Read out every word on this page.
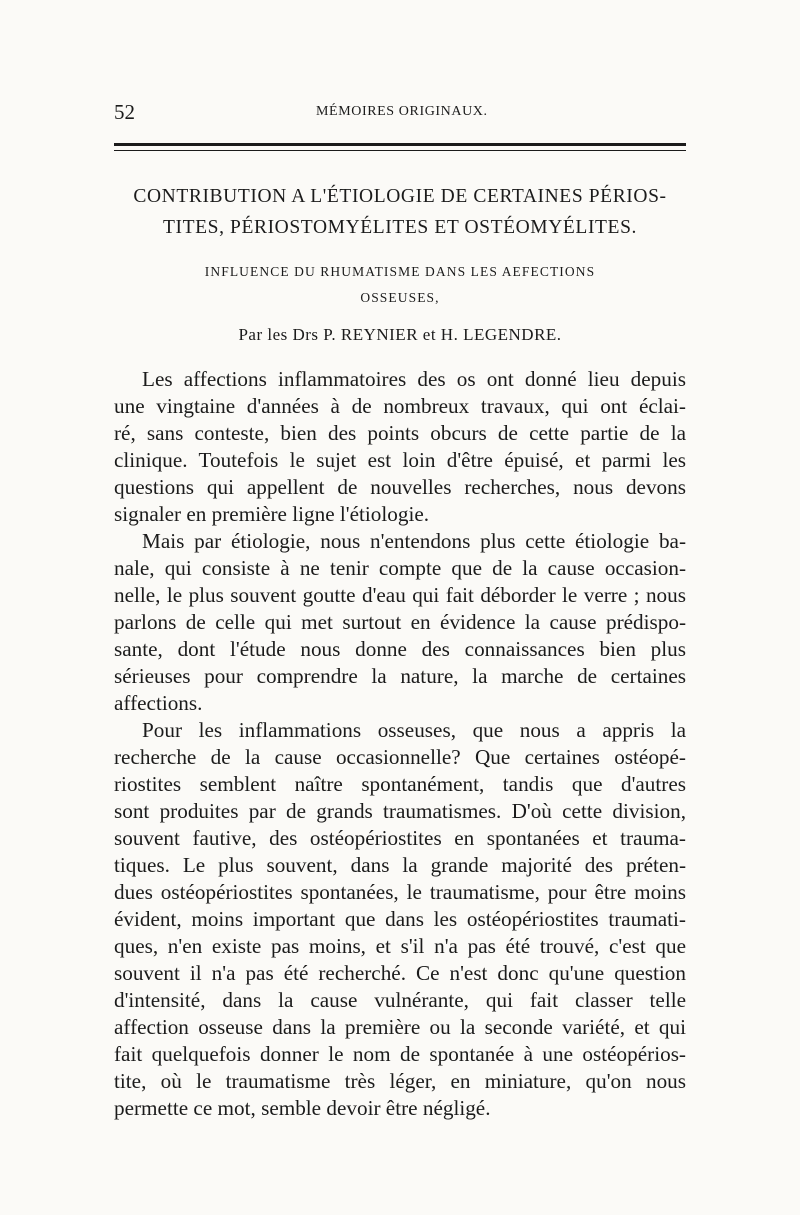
52	MÉMOIRES ORIGINAUX.
CONTRIBUTION A L'ÉTIOLOGIE DE CERTAINES PÉRIOS-
TITES, PÉRIOSTOMYÉLITES ET OSTÉOMYÉLITES.
INFLUENCE DU RHUMATISME DANS LES AEFECTIONS
OSSEUSES,
Par les Drs P. REYNIER et H. LEGENDRE.
Les affections inflammatoires des os ont donné lieu depuis
une vingtaine d'années à de nombreux travaux, qui ont éclai-
ré, sans conteste, bien des points obcurs de cette partie de la
clinique. Toutefois le sujet est loin d'être épuisé, et parmi les
questions qui appellent de nouvelles recherches, nous devons
signaler en première ligne l'étiologie.
Mais par étiologie, nous n'entendons plus cette étiologie ba-
nale, qui consiste à ne tenir compte que de la cause occasion-
nelle, le plus souvent goutte d'eau qui fait déborder le verre ; nous
parlons de celle qui met surtout en évidence la cause prédispo-
sante, dont l'étude nous donne des connaissances bien plus
sérieuses pour comprendre la nature, la marche de certaines
affections.
Pour les inflammations osseuses, que nous a appris la
recherche de la cause occasionnelle? Que certaines ostéopé-
riostites semblent naître spontanément, tandis que d'autres
sont produites par de grands traumatismes. D'où cette division,
souvent fautive, des ostéopériostites en spontanées et trauma-
tiques. Le plus souvent, dans la grande majorité des préten-
dues ostéopériostites spontanées, le traumatisme, pour être moins
évident, moins important que dans les ostéopériostites traumati-
ques, n'en existe pas moins, et s'il n'a pas été trouvé, c'est que
souvent il n'a pas été recherché. Ce n'est donc qu'une question
d'intensité, dans la cause vulnérante, qui fait classer telle
affection osseuse dans la première ou la seconde variété, et qui
fait quelquefois donner le nom de spontanée à une ostéopérios-
tite, où le traumatisme très léger, en miniature, qu'on nous
permette ce mot, semble devoir être négligé.
